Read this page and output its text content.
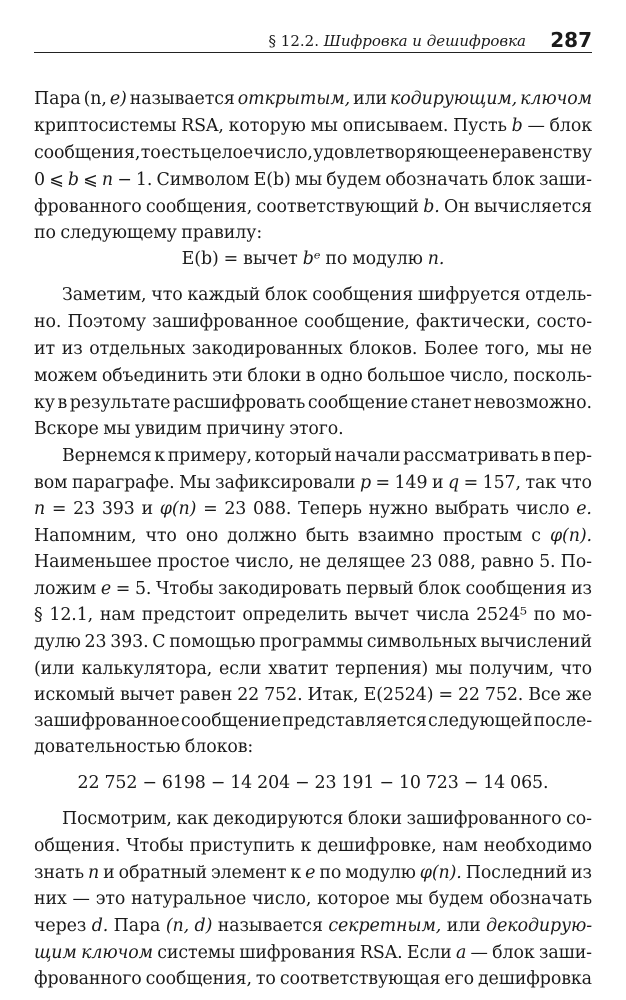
§ 12.2. Шифровка и дешифровка 287
Пара (n, e) называется открытым, или кодирующим, ключом
криптосистемы RSA, которую мы описываем. Пусть b — блок
сообщения, то есть целое число, удовлетворяющее неравенству
0 ⩽ b ⩽ n − 1. Символом E(b) мы будем обозначать блок заши-
фрованного сообщения, соответствующий b. Он вычисляется
по следующему правилу:
E(b) = вычет bᵉ по модулю n.
Заметим, что каждый блок сообщения шифруется отдель-
но. Поэтому зашифрованное сообщение, фактически, состо-
ит из отдельных закодированных блоков. Более того, мы не
можем объединить эти блоки в одно большое число, посколь-
ку в результате расшифровать сообщение станет невозможно.
Вскоре мы увидим причину этого.
Вернемся к примеру, который начали рассматривать в пер-
вом параграфе. Мы зафиксировали p = 149 и q = 157, так что
n = 23 393 и φ(n) = 23 088. Теперь нужно выбрать число e.
Напомним, что оно должно быть взаимно простым с φ(n).
Наименьшее простое число, не делящее 23 088, равно 5. По-
ложим e = 5. Чтобы закодировать первый блок сообщения из
§ 12.1, нам предстоит определить вычет числа 2524⁵ по мо-
дулю 23 393. С помощью программы символьных вычислений
(или калькулятора, если хватит терпения) мы получим, что
искомый вычет равен 22 752. Итак, E(2524) = 22 752. Все же
зашифрованное сообщение представляется следующей после-
довательностью блоков:
22 752 − 6198 − 14 204 − 23 191 − 10 723 − 14 065.
Посмотрим, как декодируются блоки зашифрованного со-
общения. Чтобы приступить к дешифровке, нам необходимо
знать n и обратный элемент к e по модулю φ(n). Последний из
них — это натуральное число, которое мы будем обозначать
через d. Пара (n, d) называется секретным, или декодирую-
щим ключом системы шифрования RSA. Если a — блок заши-
фрованного сообщения, то соответствующая его дешифровка
